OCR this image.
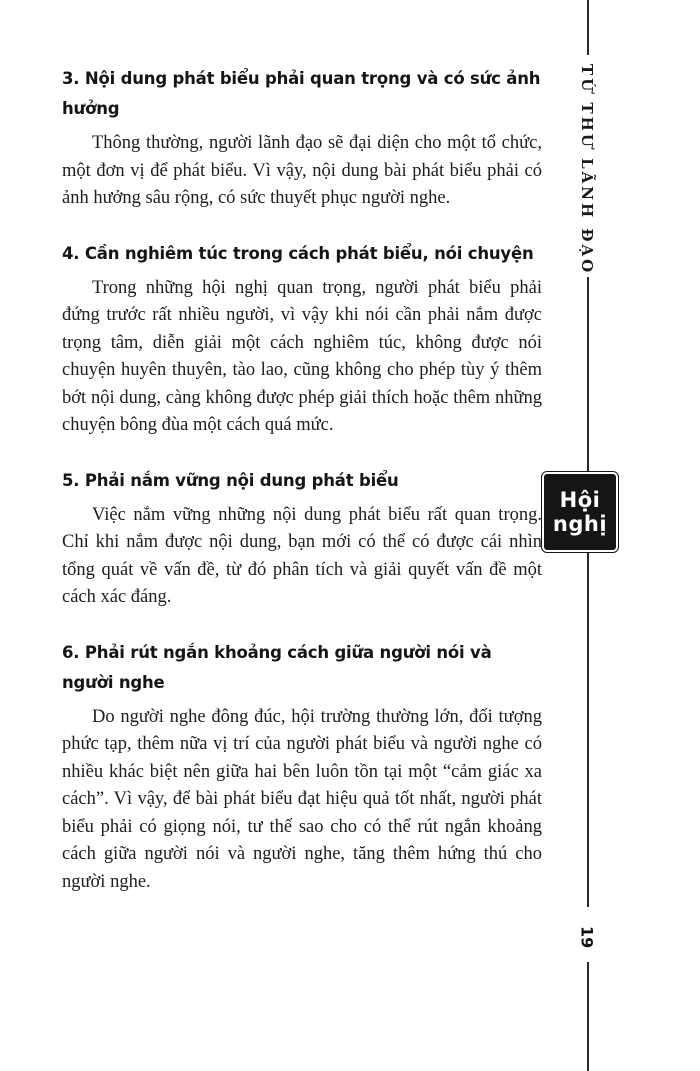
TỨ THƯ LÃNH ĐẠO
Hội
nghị
19
3. Nội dung phát biểu phải quan trọng và có sức ảnh hưởng

Thông thường, người lãnh đạo sẽ đại diện cho một tổ chức, một đơn vị để phát biểu. Vì vậy, nội dung bài phát biểu phải có ảnh hưởng sâu rộng, có sức thuyết phục người nghe.

4. Cần nghiêm túc trong cách phát biểu, nói chuyện

Trong những hội nghị quan trọng, người phát biểu phải đứng trước rất nhiều người, vì vậy khi nói cần phải nắm được trọng tâm, diễn giải một cách nghiêm túc, không được nói chuyện huyên thuyên, tào lao, cũng không cho phép tùy ý thêm bớt nội dung, càng không được phép giải thích hoặc thêm những chuyện bông đùa một cách quá mức.

5. Phải nắm vững nội dung phát biểu

Việc nắm vững những nội dung phát biểu rất quan trọng. Chỉ khi nắm được nội dung, bạn mới có thể có được cái nhìn tổng quát về vấn đề, từ đó phân tích và giải quyết vấn đề một cách xác đáng.

6. Phải rút ngắn khoảng cách giữa người nói và người nghe

Do người nghe đông đúc, hội trường thường lớn, đối tượng phức tạp, thêm nữa vị trí của người phát biểu và người nghe có nhiều khác biệt nên giữa hai bên luôn tồn tại một “cảm giác xa cách”. Vì vậy, để bài phát biểu đạt hiệu quả tốt nhất, người phát biểu phải có giọng nói, tư thế sao cho có thể rút ngắn khoảng cách giữa người nói và người nghe, tăng thêm hứng thú cho người nghe.
